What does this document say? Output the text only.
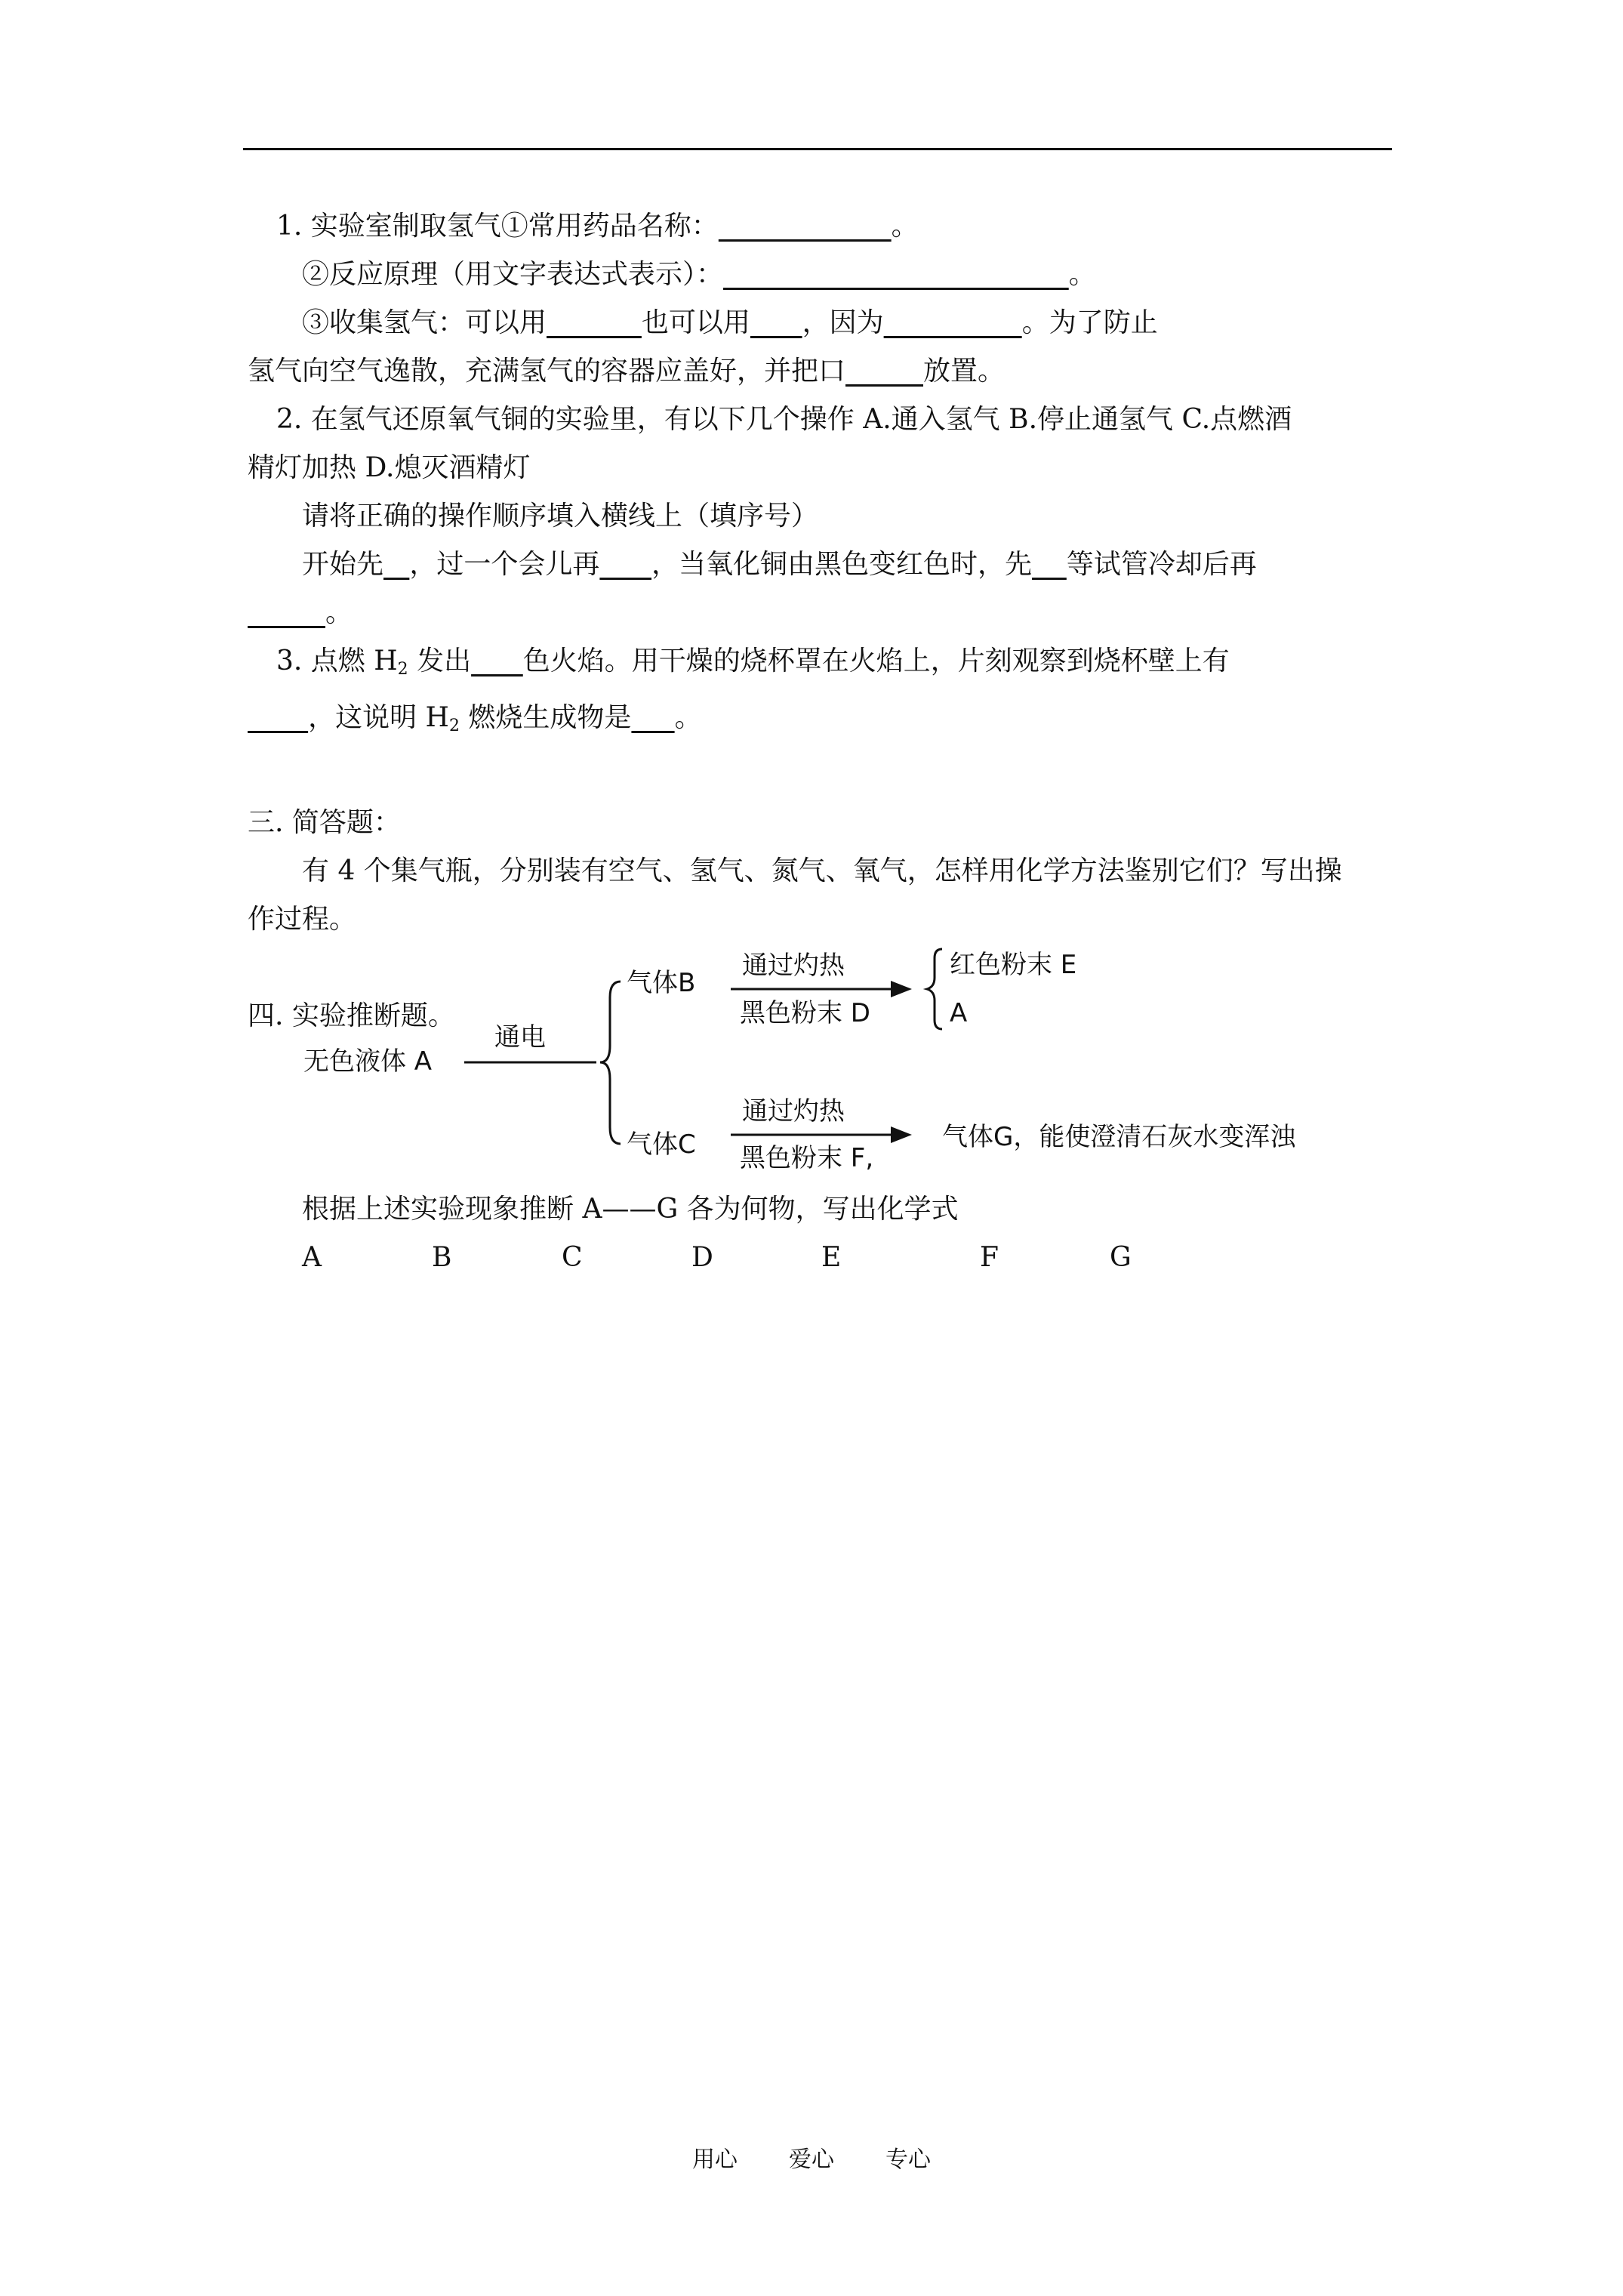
1. 实验室制取氢气①常用药品名称：	。

②反应原理（用文字表达式表示）：	。

③收集氢气：可以用	也可以用 ，因为	。为了防止

氢气向空气逸散，充满氢气的容器应盖好，并把口	放置。

2. 在氢气还原氧气铜的实验里，有以下几个操作 A.通入氢气 B.停止通氢气 C.点燃酒

精灯加热 D.熄灭酒精灯

请将正确的操作顺序填入横线上（填序号）

开始先 ，过一个会儿再 ，当氧化铜由黑色变红色时，先 等试管冷却后再

。

3. 点燃 $H_2$ 发出 色火焰。用干燥的烧杯罩在火焰上，片刻观察到烧杯壁上有

，这说明 $H_2$ 燃烧生成物是 。

三. 简答题：

有 4 个集气瓶，分别装有空气、氢气、氮气、氧气，怎样用化学方法鉴别它们？写出操

作过程。

四. 实验推断题。

无色液体 A
通电
气体B
气体C
通过灼热
黑色粉末 D
红色粉末 E
A
通过灼热
黑色粉末 F,
气体G，能使澄清石灰水变浑浊

根据上述实验现象推断 A——G 各为何物，写出化学式

A	B	C	D	E	F	G

用心 爱心 专心
